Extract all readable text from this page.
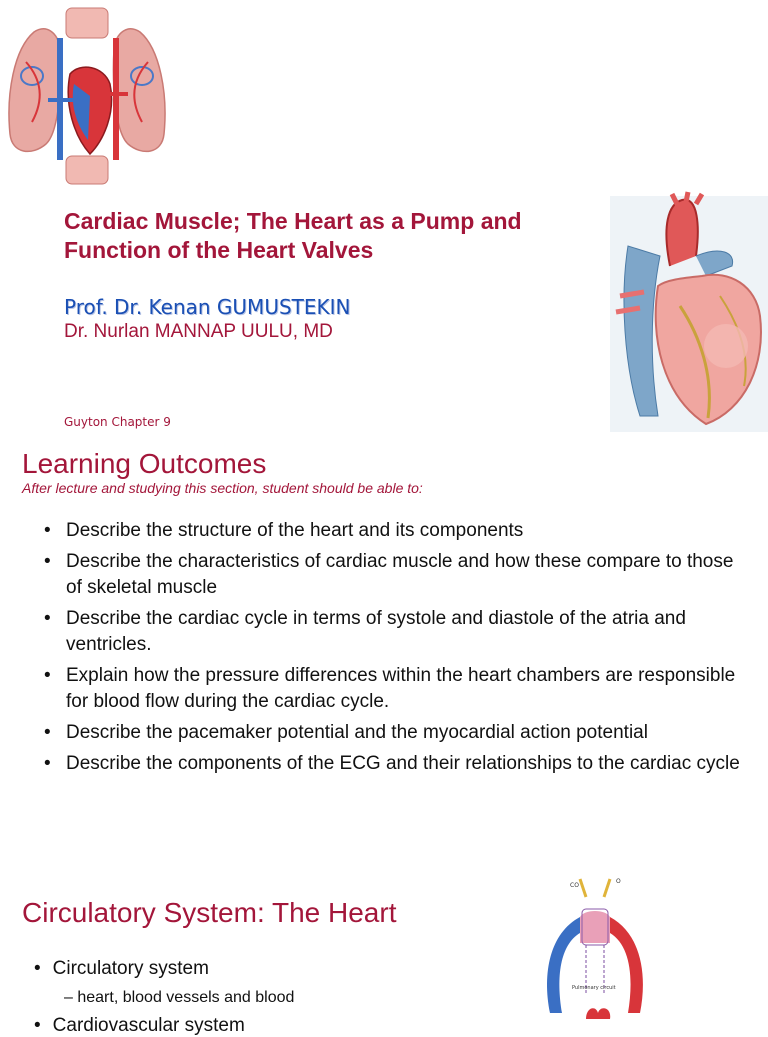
Cardiac Muscle; The Heart as a Pump and
Function of the Heart Valves
Prof. Dr. Kenan GUMUSTEKIN
Dr. Nurlan MANNAP UULU, MD
Guyton Chapter 9
Learning Outcomes
After lecture and studying this section, student should be able to:
• Describe the structure of the heart and its components
• Describe the characteristics of cardiac muscle and how these compare to those of skeletal muscle
• Describe the cardiac cycle in terms of systole and diastole of the atria and ventricles.
• Explain how the pressure differences within the heart chambers are responsible for blood flow during the cardiac cycle.
• Describe the pacemaker potential and the myocardial action potential
• Describe the components of the ECG and their relationships to the cardiac cycle
Circulatory System: The Heart
• Circulatory system
– heart, blood vessels and blood
• Cardiovascular system
CO
O
Pulmonary circuit
